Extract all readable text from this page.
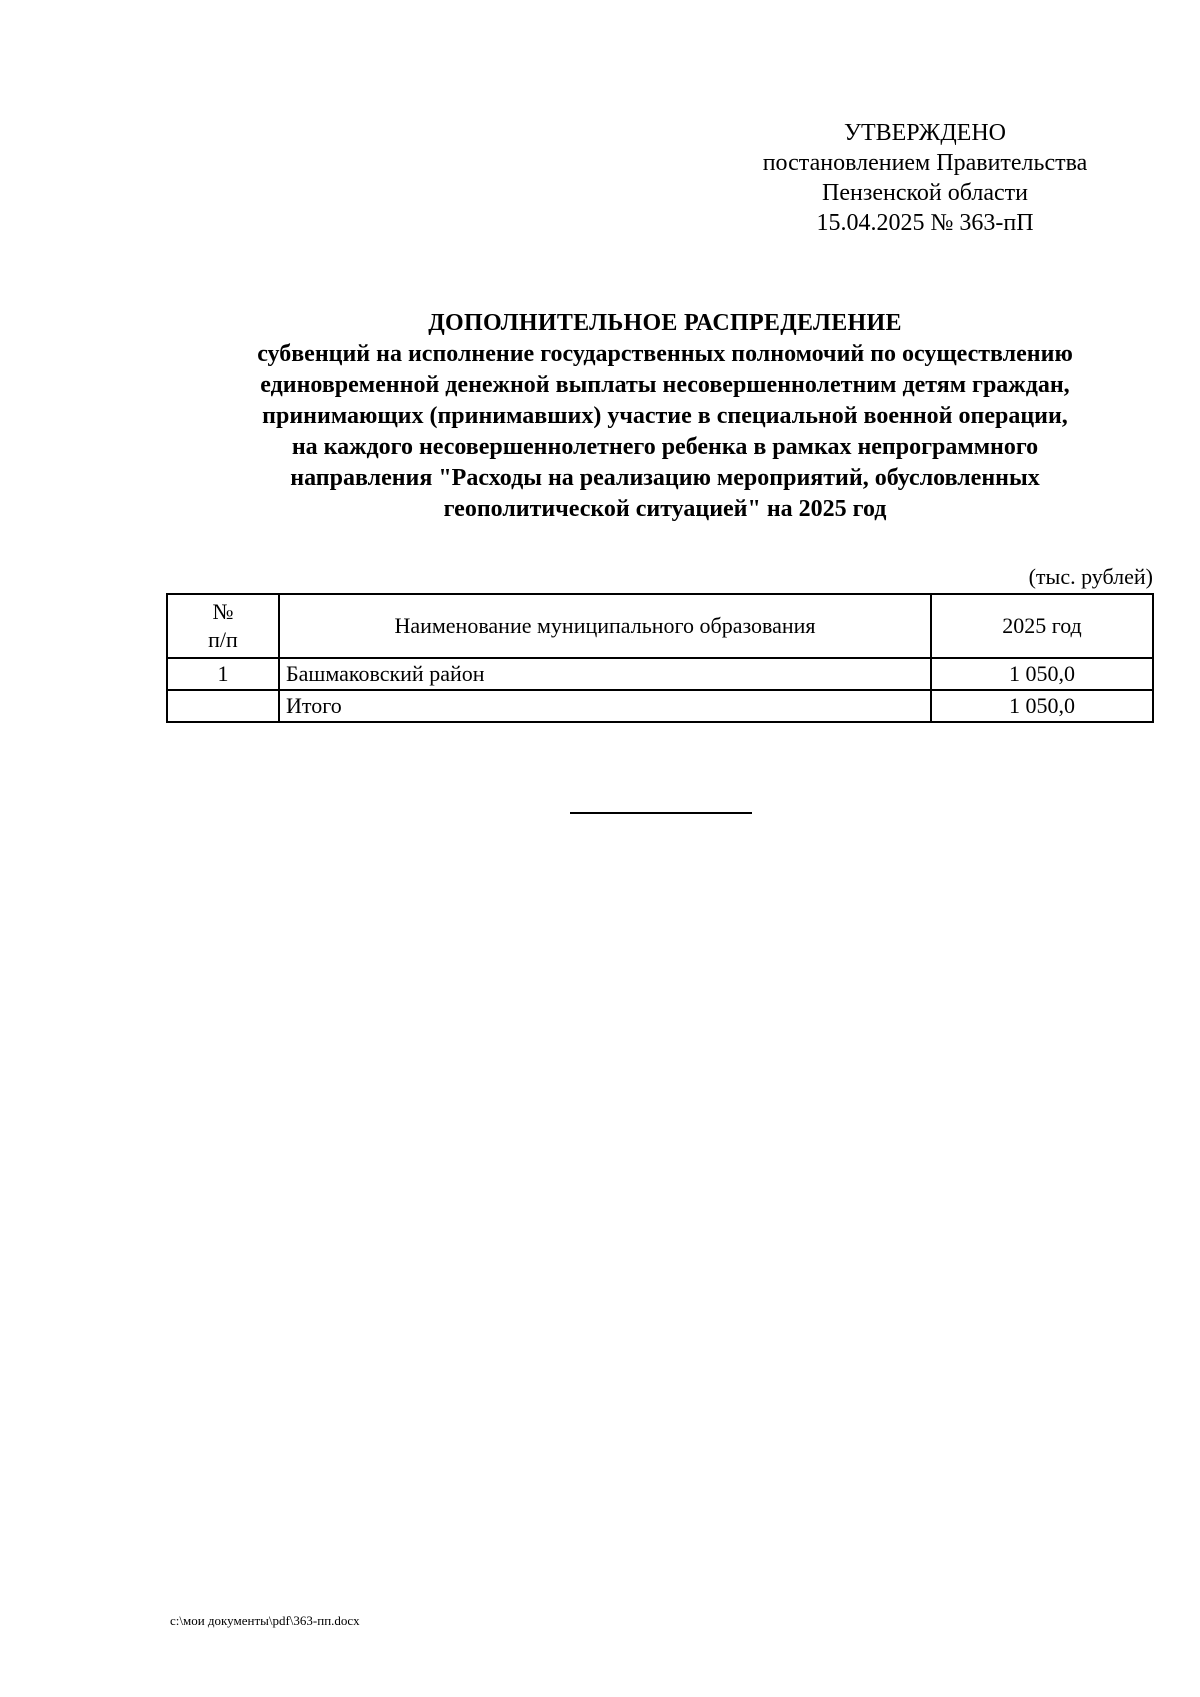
УТВЕРЖДЕНО
постановлением Правительства
Пензенской области
15.04.2025 № 363-пП
ДОПОЛНИТЕЛЬНОЕ РАСПРЕДЕЛЕНИЕ
субвенций на исполнение государственных полномочий по осуществлению
единовременной денежной выплаты несовершеннолетним детям граждан,
принимающих (принимавших) участие в специальной военной операции,
на каждого несовершеннолетнего ребенка в рамках непрограммного
направления "Расходы на реализацию мероприятий, обусловленных
геополитической ситуацией" на 2025 год
(тыс. рублей)
№
п/п	Наименование муниципального образования	2025 год
1	Башмаковский район	1 050,0
	Итого	1 050,0
c:\мои документы\pdf\363-пп.docx
